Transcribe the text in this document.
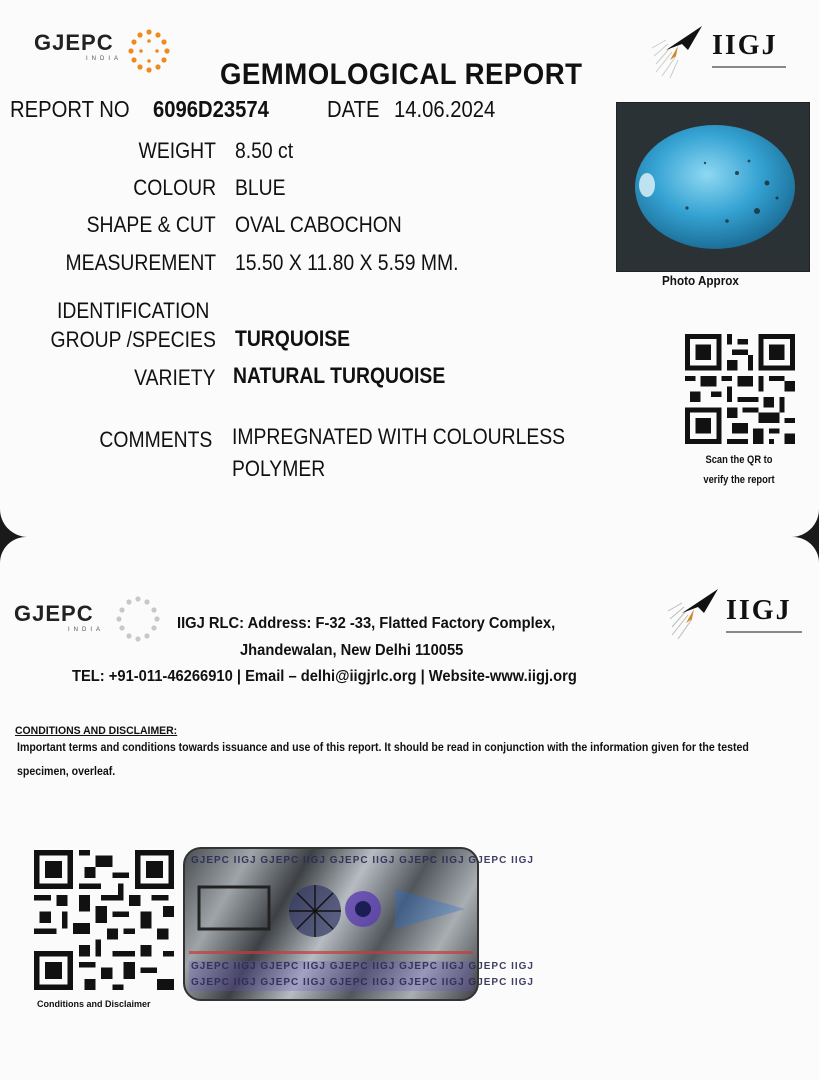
GJEPC
INDIA	IIGJ
GEMMOLOGICAL REPORT
REPORT NO 6096D23574	DATE 14.06.2024
WEIGHT 8.50 ct
COLOUR BLUE
SHAPE & CUT OVAL CABOCHON
MEASUREMENT 15.50 X 11.80 X 5.59 MM.
IDENTIFICATION
GROUP /SPECIES TURQUOISE
VARIETY NATURAL TURQUOISE
COMMENTS IMPREGNATED WITH COLOURLESS
POLYMER
Photo Approx
Scan the QR to
verify the report
GJEPC
INDIA
IIGJ
IIGJ RLC: Address: F-32 -33, Flatted Factory Complex,
Jhandewalan, New Delhi 110055
TEL: +91-011-46266910 | Email – delhi@iigjrlc.org | Website-www.iigj.org
CONDITIONS AND DISCLAIMER:
Important terms and conditions towards issuance and use of this report. It should be read in conjunction with the information given for the tested specimen, overleaf.
Conditions and Disclaimer
GJEPC IIGJ GJEPC IIGJ GJEPC IIGJ GJEPC IIGJ GJEPC IIGJ
GJEPC IIGJ GJEPC IIGJ GJEPC IIGJ GJEPC IIGJ GJEPC IIGJ
GJEPC IIGJ GJEPC IIGJ GJEPC IIGJ GJEPC IIGJ GJEPC IIGJ
